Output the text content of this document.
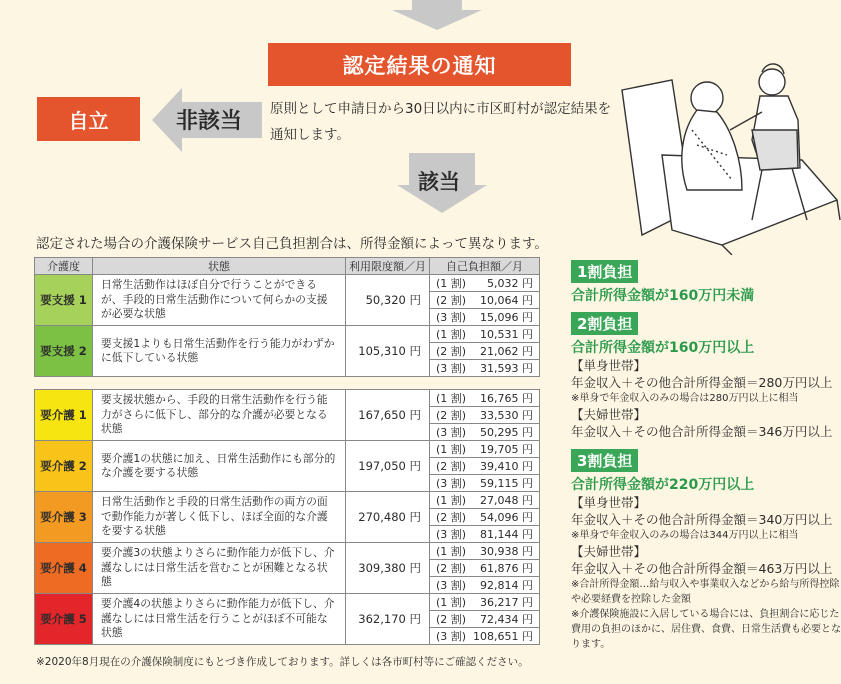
認定結果の通知
自立	非該当 原則として申請日から30日以内に市区町村が認定結果を通知します。
該当
認定された場合の介護保険サービス自己負担割合は、所得金額によって異なります。
介護度	状態	利用限度額／月	自己負担額／月
要支援 1	日常生活動作はほぼ自分で行うことができるが、手段的日常生活動作について何らかの支援が必要な状態	50,320 円	(1 割) 5,032 円

			(2 割) 10,064 円

			(3 割) 15,096 円

要支援 2	要支援1よりも日常生活動作を行う能力がわずかに低下している状態	105,310 円	(1 割) 10,531 円

			(2 割) 21,062 円

			(3 割) 31,593 円
要介護 1	要支援状態から、手段的日常生活動作を行う能力がさらに低下し、部分的な介護が必要となる状態	167,650 円	(1 割) 16,765 円

			(2 割) 33,530 円

			(3 割) 50,295 円

要介護 2	要介護1の状態に加え、日常生活動作にも部分的な介護を要する状態	197,050 円	(1 割) 19,705 円

			(2 割) 39,410 円

			(3 割) 59,115 円

要介護 3	日常生活動作と手段的日常生活動作の両方の面で動作能力が著しく低下し、ほぼ全面的な介護を要する状態	270,480 円	(1 割) 27,048 円

			(2 割) 54,096 円

			(3 割) 81,144 円

要介護 4	要介護3の状態よりさらに動作能力が低下し、介護なしには日常生活を営むことが困難となる状態	309,380 円	(1 割) 30,938 円

			(2 割) 61,876 円

			(3 割) 92,814 円

要介護 5	要介護4の状態よりさらに動作能力が低下し、介護なしには日常生活を行うことがほぼ不可能な状態	362,170 円	(1 割) 36,217 円

			(2 割) 72,434 円

			(3 割) 108,651 円
※2020年8月現在の介護保険制度にもとづき作成しております。詳しくは各市町村等にご確認ください。
1割負担
合計所得金額が160万円未満
2割負担
合計所得金額が160万円以上
【単身世帯】
年金収入＋その他合計所得金額＝280万円以上
※単身で年金収入のみの場合は280万円以上に相当
【夫婦世帯】
年金収入＋その他合計所得金額＝346万円以上
3割負担
合計所得金額が220万円以上
【単身世帯】
年金収入＋その他合計所得金額＝340万円以上
※単身で年金収入のみの場合は344万円以上に相当
【夫婦世帯】
年金収入＋その他合計所得金額＝463万円以上
※合計所得金額…給与収入や事業収入などから給与所得控除や必要経費を控除した金額
※介護保険施設に入居している場合には、負担割合に応じた費用の負担のほかに、居住費、食費、日常生活費も必要となります。
